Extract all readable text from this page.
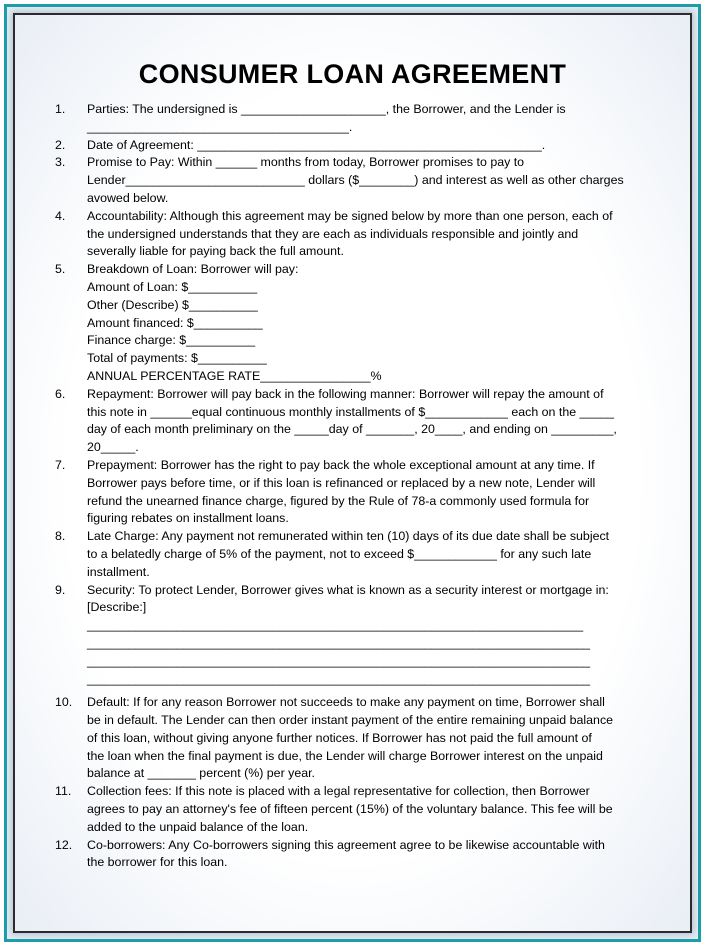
CONSUMER LOAN AGREEMENT
1.	Parties: The undersigned is _____________________, the Borrower, and the Lender is
______________________________________.
2.	Date of Agreement: __________________________________________________.
3.	Promise to Pay: Within ______ months from today, Borrower promises to pay to
Lender__________________________ dollars ($________) and interest as well as other charges
avowed below.
4.	Accountability: Although this agreement may be signed below by more than one person, each of
the undersigned understands that they are each as individuals responsible and jointly and
severally liable for paying back the full amount.
5.	Breakdown of Loan: Borrower will pay:
Amount of Loan: $__________
Other (Describe) $__________
Amount financed: $__________
Finance charge: $__________
Total of payments: $__________
ANNUAL PERCENTAGE RATE________________%
6.	Repayment: Borrower will pay back in the following manner: Borrower will repay the amount of
this note in ______equal continuous monthly installments of $____________ each on the _____
day of each month preliminary on the _____day of _______, 20____, and ending on _________,
20_____.
7.	Prepayment: Borrower has the right to pay back the whole exceptional amount at any time. If
Borrower pays before time, or if this loan is refinanced or replaced by a new note, Lender will
refund the unearned finance charge, figured by the Rule of 78-a commonly used formula for
figuring rebates on installment loans.
8.	Late Charge: Any payment not remunerated within ten (10) days of its due date shall be subject
to a belatedly charge of 5% of the payment, not to exceed $____________ for any such late
installment.
9.	Security: To protect Lender, Borrower gives what is known as a security interest or mortgage in:
[Describe:]
________________________________________________________________________
_________________________________________________________________________
_________________________________________________________________________
_________________________________________________________________________
10.	Default: If for any reason Borrower not succeeds to make any payment on time, Borrower shall
be in default. The Lender can then order instant payment of the entire remaining unpaid balance
of this loan, without giving anyone further notices. If Borrower has not paid the full amount of
the loan when the final payment is due, the Lender will charge Borrower interest on the unpaid
balance at _______ percent (%) per year.
11.	Collection fees: If this note is placed with a legal representative for collection, then Borrower
agrees to pay an attorney's fee of fifteen percent (15%) of the voluntary balance. This fee will be
added to the unpaid balance of the loan.
12.	Co-borrowers: Any Co-borrowers signing this agreement agree to be likewise accountable with
the borrower for this loan.
